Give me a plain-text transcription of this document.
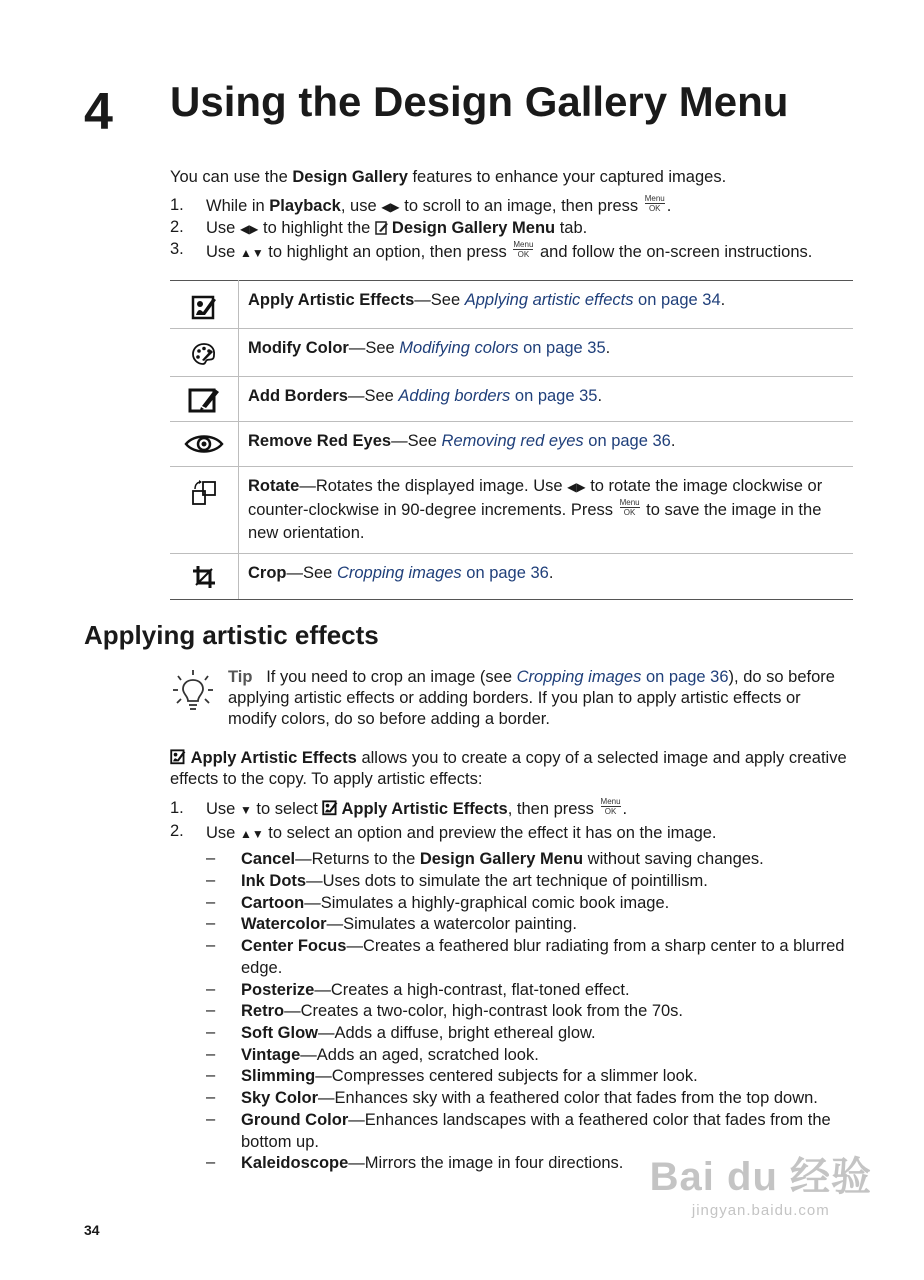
4 Using the Design Gallery Menu
You can use the Design Gallery features to enhance your captured images.
1. While in Playback, use ◀▶ to scroll to an image, then press Menu
OK .
2. Use ◀▶ to highlight the Design Gallery Menu tab.
3. Use ▲▼ to highlight an option, then press Menu
OK and follow the on-screen instructions.
	Apply Artistic Effects—See Applying artistic effects on page 34.

	Modify Color—See Modifying colors on page 35.

	Add Borders—See Adding borders on page 35.

	Remove Red Eyes—See Removing red eyes on page 36.

	Rotate—Rotates the displayed image. Use ◀▶ to rotate the image clockwise or counter-clockwise in 90-degree increments. Press Menu
OK to save the image in the new orientation.

	Crop—See Cropping images on page 36.
Applying artistic effects
Tip If you need to crop an image (see Cropping images on page 36), do so before applying artistic effects or adding borders. If you plan to apply artistic effects or modify colors, do so before adding a border.
Apply Artistic Effects allows you to create a copy of a selected image and apply creative effects to the copy. To apply artistic effects:
1. Use ▼ to select Apply Artistic Effects, then press Menu
OK .
2. Use ▲▼ to select an option and preview the effect it has on the image.
– Cancel—Returns to the Design Gallery Menu without saving changes.
– Ink Dots—Uses dots to simulate the art technique of pointillism.
– Cartoon—Simulates a highly-graphical comic book image.
– Watercolor—Simulates a watercolor painting.
– Center Focus—Creates a feathered blur radiating from a sharp center to a blurred edge.
– Posterize—Creates a high-contrast, flat-toned effect.
– Retro—Creates a two-color, high-contrast look from the 70s.
– Soft Glow—Adds a diffuse, bright ethereal glow.
– Vintage—Adds an aged, scratched look.
– Slimming—Compresses centered subjects for a slimmer look.
– Sky Color—Enhances sky with a feathered color that fades from the top down.
– Ground Color—Enhances landscapes with a feathered color that fades from the bottom up.
– Kaleidoscope—Mirrors the image in four directions.
34
Bai du 经验
jingyan.baidu.com
